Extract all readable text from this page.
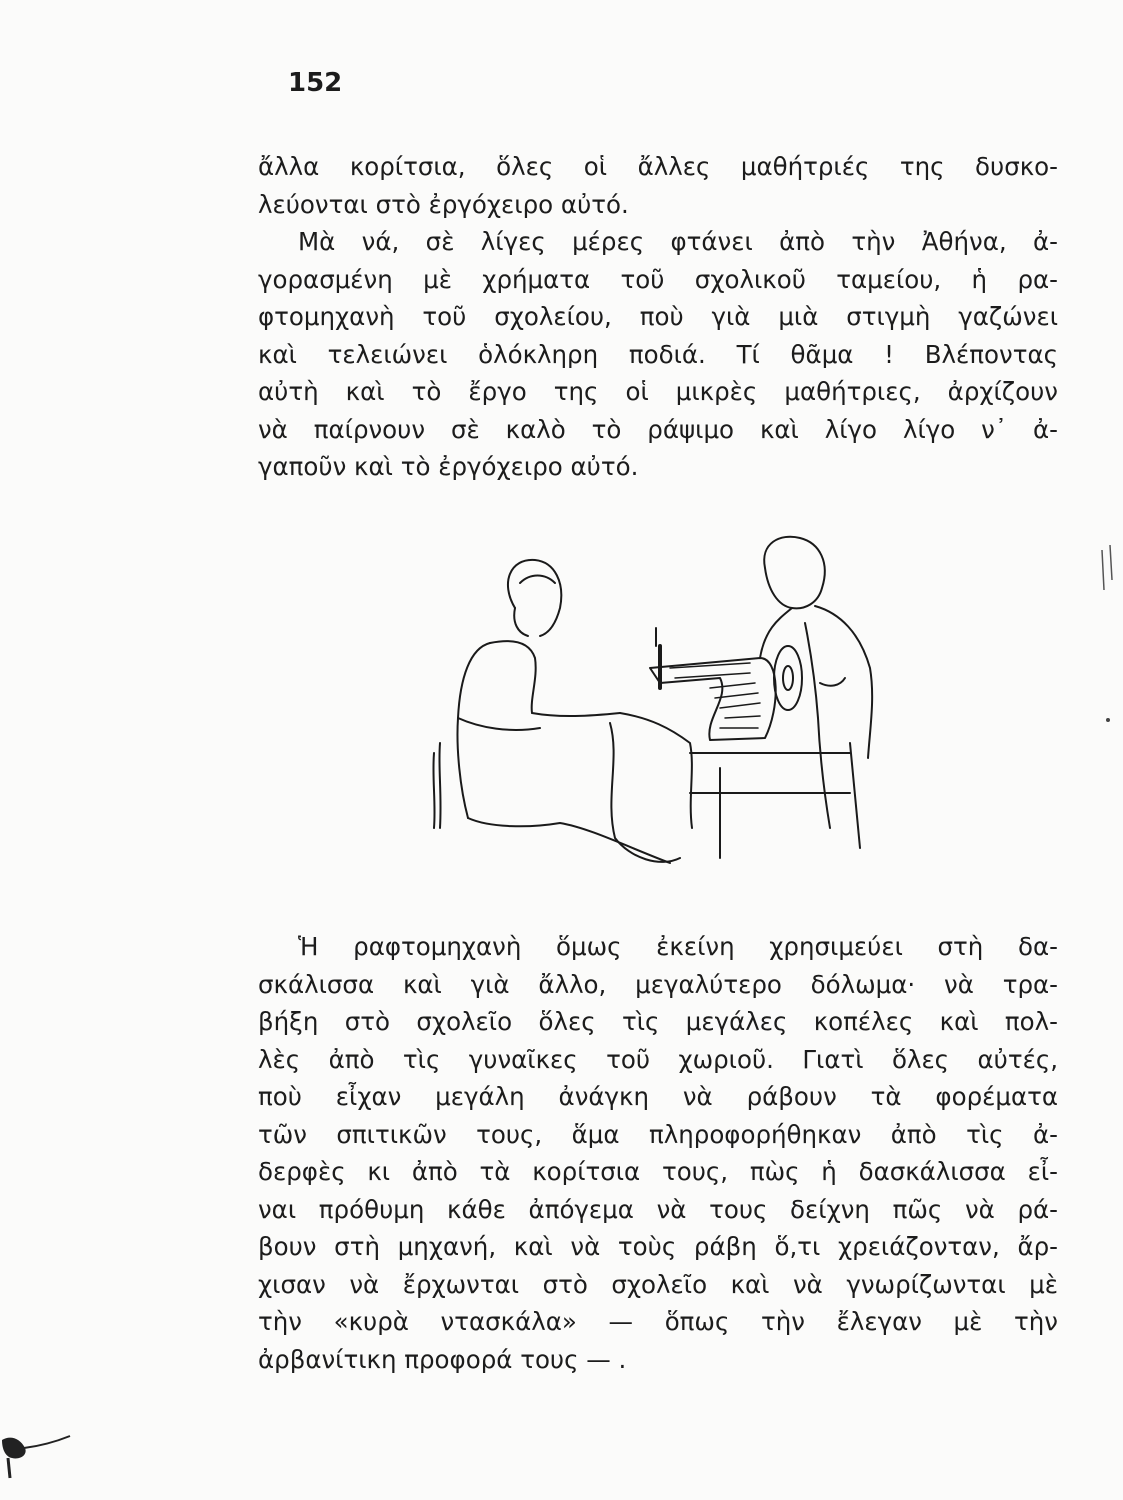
152
ἄλλα κορίτσια, ὅλες οἱ ἄλλες μαθήτριές της δυσκο-
λεύονται στὸ ἐργόχειρο αὐτό.
Μὰ νά, σὲ λίγες μέρες φτάνει ἀπὸ τὴν Ἀθήνα, ἀ-
γορασμένη μὲ χρήματα τοῦ σχολικοῦ ταμείου, ἡ ρα-
φτομηχανὴ τοῦ σχολείου, ποὺ γιὰ μιὰ στιγμὴ γαζώνει
καὶ τελειώνει ὁλόκληρη ποδιά. Τί θᾶμα ! Βλέποντας
αὐτὴ καὶ τὸ ἔργο της οἱ μικρὲς μαθήτριες, ἀρχίζουν
νὰ παίρνουν σὲ καλὸ τὸ ράψιμο καὶ λίγο λίγο ν᾿ ἀ-
γαποῦν καὶ τὸ ἐργόχειρο αὐτό.
Ἡ ραφτομηχανὴ ὅμως ἐκείνη χρησιμεύει στὴ δα-
σκάλισσα καὶ γιὰ ἄλλο, μεγαλύτερο δόλωμα· νὰ τρα-
βήξη στὸ σχολεῖο ὅλες τὶς μεγάλες κοπέλες καὶ πολ-
λὲς ἀπὸ τὶς γυναῖκες τοῦ χωριοῦ. Γιατὶ ὅλες αὐτές,
ποὺ εἶχαν μεγάλη ἀνάγκη νὰ ράβουν τὰ φορέματα
τῶν σπιτικῶν τους, ἅμα πληροφορήθηκαν ἀπὸ τὶς ἀ-
δερφὲς κι ἀπὸ τὰ κορίτσια τους, πὼς ἡ δασκάλισσα εἶ-
ναι πρόθυμη κάθε ἀπόγεμα νὰ τους δείχνη πῶς νὰ ρά-
βουν στὴ μηχανή, καὶ νὰ τοὺς ράβη ὅ,τι χρειάζονταν, ἄρ-
χισαν νὰ ἔρχωνται στὸ σχολεῖο καὶ νὰ γνωρίζωνται μὲ
τὴν «κυρὰ ντασκάλα» — ὅπως τὴν ἔλεγαν μὲ τὴν
ἀρβανίτικη προφορά τους — .
